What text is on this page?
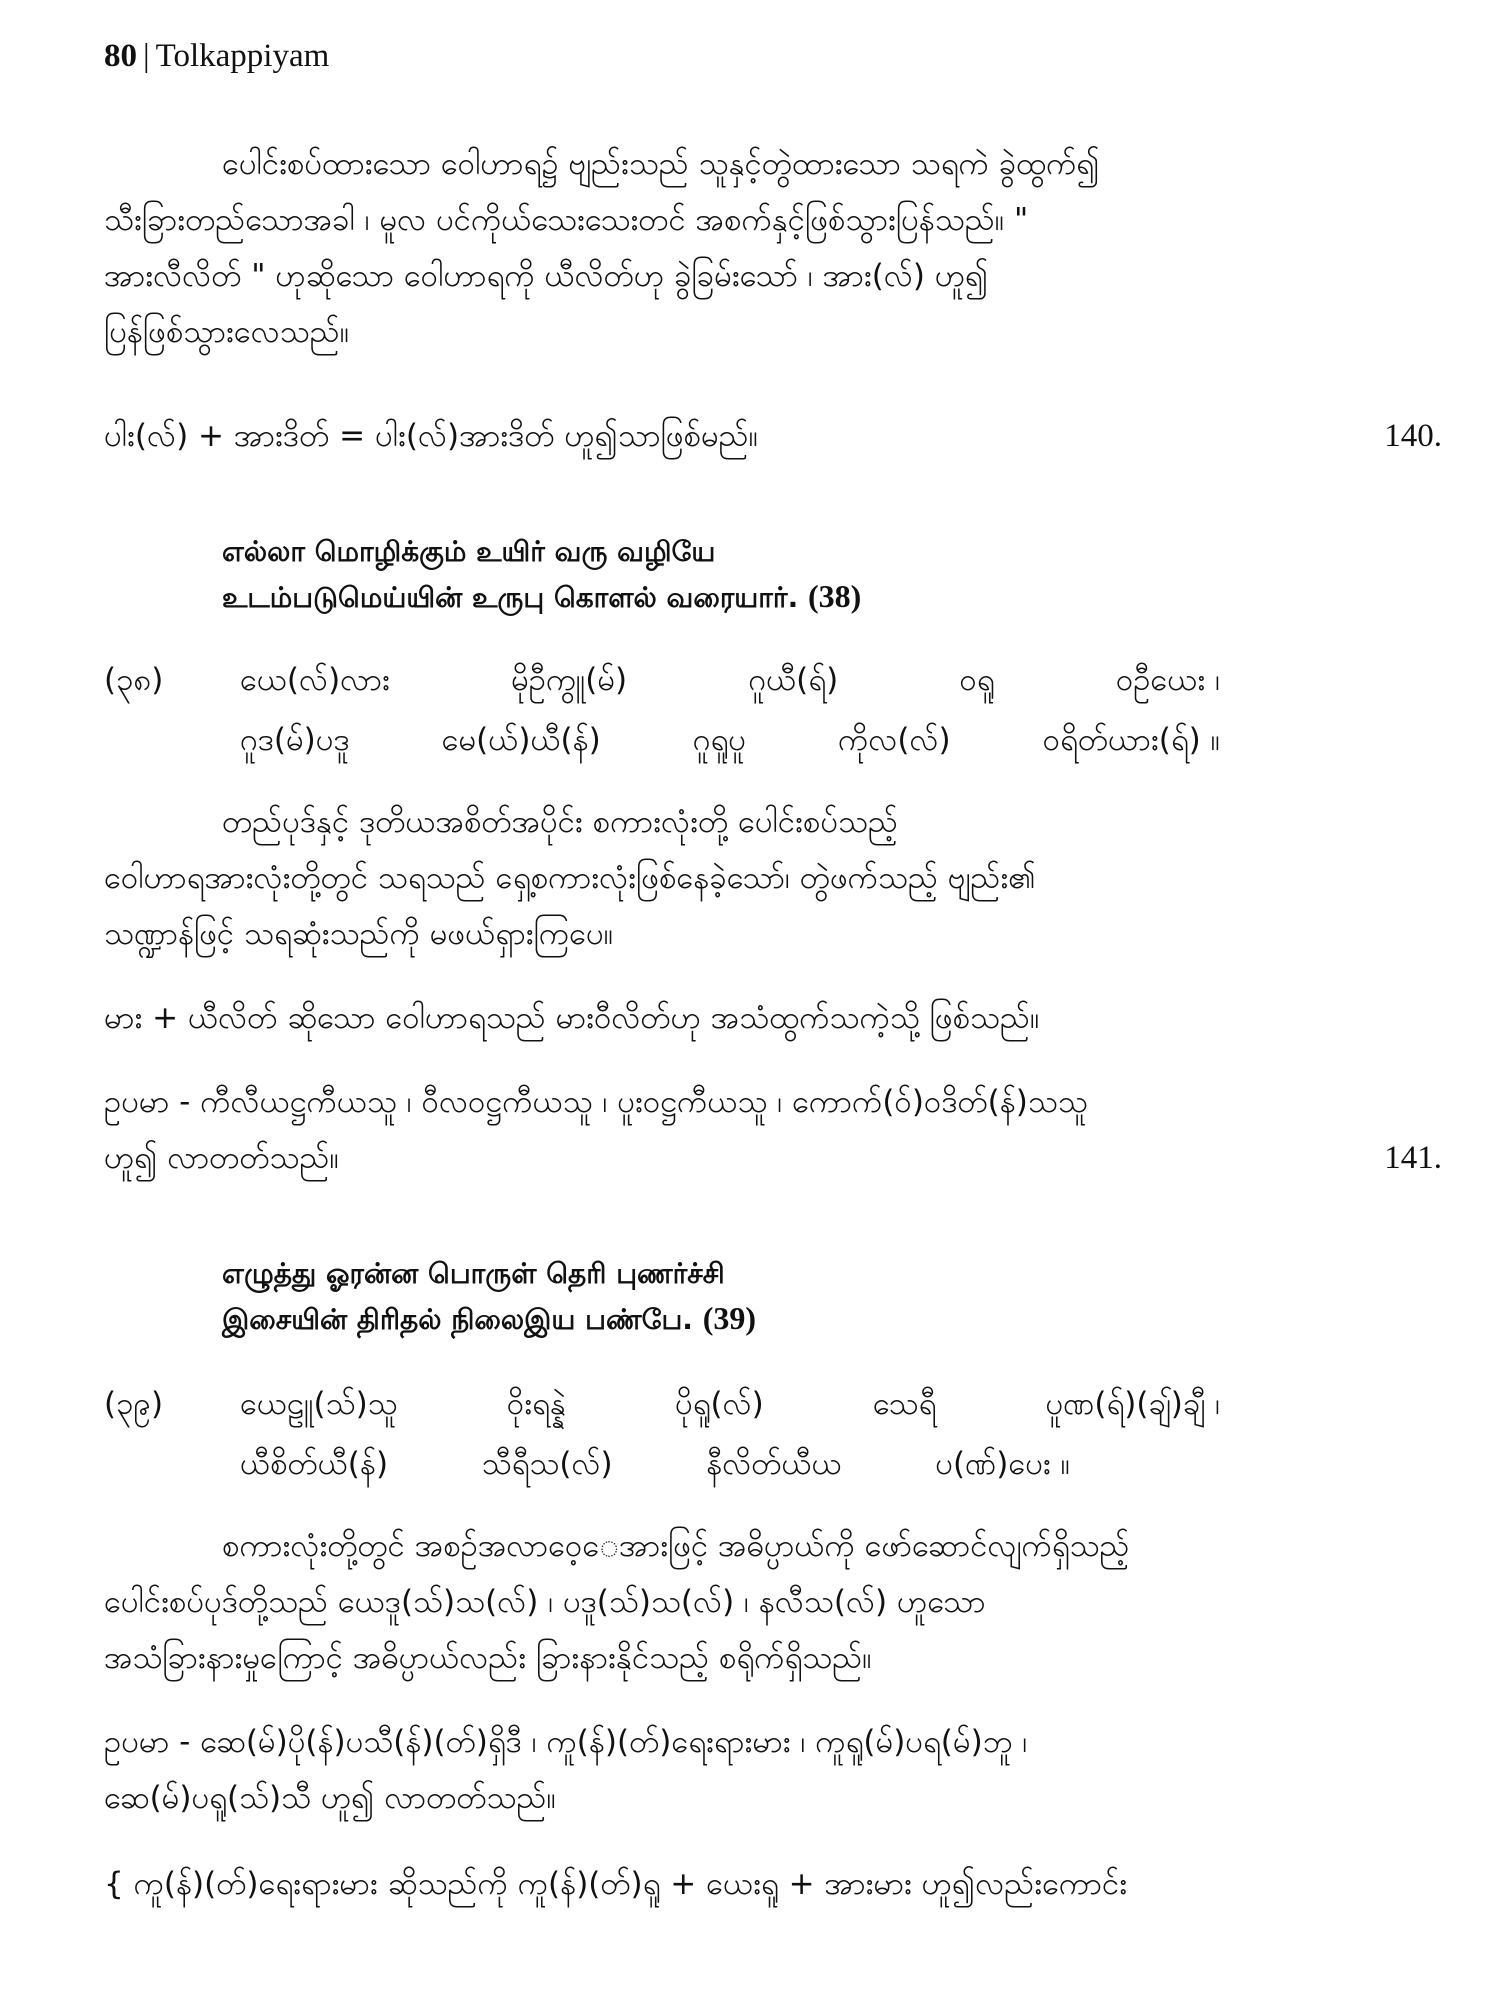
80 | Tolkappiyam
ပေါင်းစပ်ထားသော ဝေါဟာရ၌ ဗျည်းသည် သူနှင့်တွဲထားသော သရကဲ ခွဲထွက်၍
သီးခြားတည်သောအခါ ၊ မူလ ပင်ကိုယ်သေးသေးတင် အစက်နှင့်ဖြစ်သွားပြန်သည်။ "
အားလီလိတ် " ဟုဆိုသော ဝေါဟာရကို ယီလိတ်ဟု ခွဲခြမ်းသော် ၊ အား(လ်) ဟူ၍
ပြန်ဖြစ်သွားလေသည်။
ပါး(လ်) + အားဒိတ် = ပါး(လ်)အားဒိတ် ဟူ၍သာဖြစ်မည်။	140.
எல்லா மொழிக்கும் உயிர் வரு வழியே
உடம்படுமெய்யின் உருபு கொளல் வரையார். (38)
(၃၈) ယေ(လ်)လား	မိုဦကွူ(မ်)	ဂူယီ(ရ်)	ဝရူ	ဝဦယေး ၊
ဂူဒ(မ်)ပဒူ	မေ(ယ်)ယီ(န်)	ဂူရူပူ	ကိုလ(လ်)	ဝရိတ်ယား(ရ်) ။
တည်ပုဒ်နှင့် ဒုတိယအစိတ်အပိုင်း စကားလုံးတို့ ပေါင်းစပ်သည့်
ဝေါဟာရအားလုံးတို့တွင် သရသည် ရှေ့စကားလုံးဖြစ်နေခဲ့သော်၊ တွဲဖက်သည့် ဗျည်း၏
သဏ္ဍာန်ဖြင့် သရဆုံးသည်ကို မဖယ်ရှားကြပေ။
မား + ယီလိတ် ဆိုသော ဝေါဟာရသည် မားဝီလိတ်ဟု အသံထွက်သကဲ့သို့ ဖြစ်သည်။
ဥပမာ - ကီလီယဋ္ဌကီယသူ ၊ ဝီလဝဋ္ဌကီယသူ ၊ ပူးဝဋ္ဌကီယသူ ၊ ကောက်(ဝ်)ဝဒိတ်(န်)သသူ
ဟူ၍ လာတတ်သည်။	141.
எழுத்து ஓரன்ன பொருள் தெரி புணர்ச்சி
இசையின் திரிதல் நிலைஇய பண்பே. (39)
(၃၉) ယေဠူ(သ်)သူ	ဝိုးရန္နဲ	ပိုရူ(လ်)	သေရီ	ပူဏ(ရ်)(ချ်)ချီ ၊
ယီစိတ်ယီ(န်)	သီရီသ(လ်)	နီလိတ်ယီယ	ပ(ဏ်)ပေး ။
စကားလုံးတို့တွင် အစဉ်အလာဝေ့ေအားဖြင့် အဓိပ္ပာယ်ကို ဖော်ဆောင်လျက်ရှိသည့်
ပေါင်းစပ်ပုဒ်တို့သည် ယေဒူ(သ်)သ(လ်) ၊ ပဒူ(သ်)သ(လ်) ၊ နလီသ(လ်) ဟူသော
အသံခြားနားမှုကြောင့် အဓိပ္ပာယ်လည်း ခြားနားနိုင်သည့် စရိုက်ရှိသည်။
ဥပမာ - ဆေ(မ်)ပို(န်)ပသီ(န်)(တ်)ရှိဒီ ၊ ကူ(န်)(တ်)ရေးရားမား ၊ ကူရူ(မ်)ပရ(မ်)ဘူ ၊
ဆေ(မ်)ပရူ(သ်)သီ ဟူ၍ လာတတ်သည်။
{ ကူ(န်)(တ်)ရေးရားမား ဆိုသည်ကို ကူ(န်)(တ်)ရူ + ယေးရူ + အားမား ဟူ၍လည်းကောင်း
